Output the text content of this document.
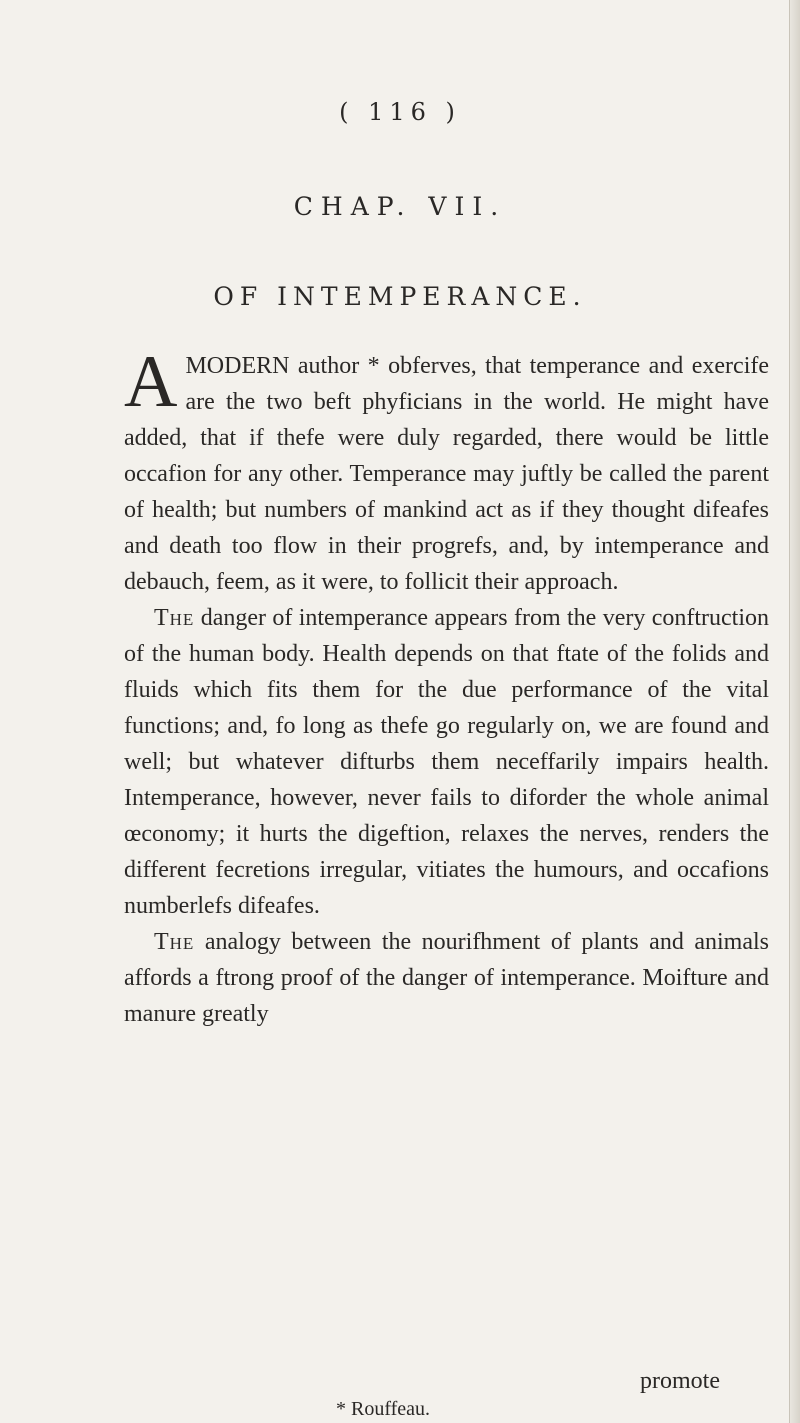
( 116 )
CHAP. VII.
OF INTEMPERANCE.

AMODERN author * obferves, that temperance and exercife are the two beft phyficians in the world. He might have added, that if thefe were duly regarded, there would be little occafion for any other. Temperance may juftly be called the parent of health; but numbers of mankind act as if they thought difeafes and death too flow in their progrefs, and, by intemperance and debauch, feem, as it were, to follicit their approach.

The danger of intemperance appears from the very conftruction of the human body. Health depends on that ftate of the folids and fluids which fits them for the due performance of the vital functions; and, fo long as thefe go regularly on, we are found and well; but whatever difturbs them neceffarily impairs health. Intemperance, however, never fails to diforder the whole animal œconomy; it hurts the digeftion, relaxes the nerves, renders the different fecretions irregular, vitiates the humours, and occafions numberlefs difeafes.

The analogy between the nourifhment of plants and animals affords a ftrong proof of the danger of intemperance. Moifture and manure greatly

promote
* Rouffeau.
